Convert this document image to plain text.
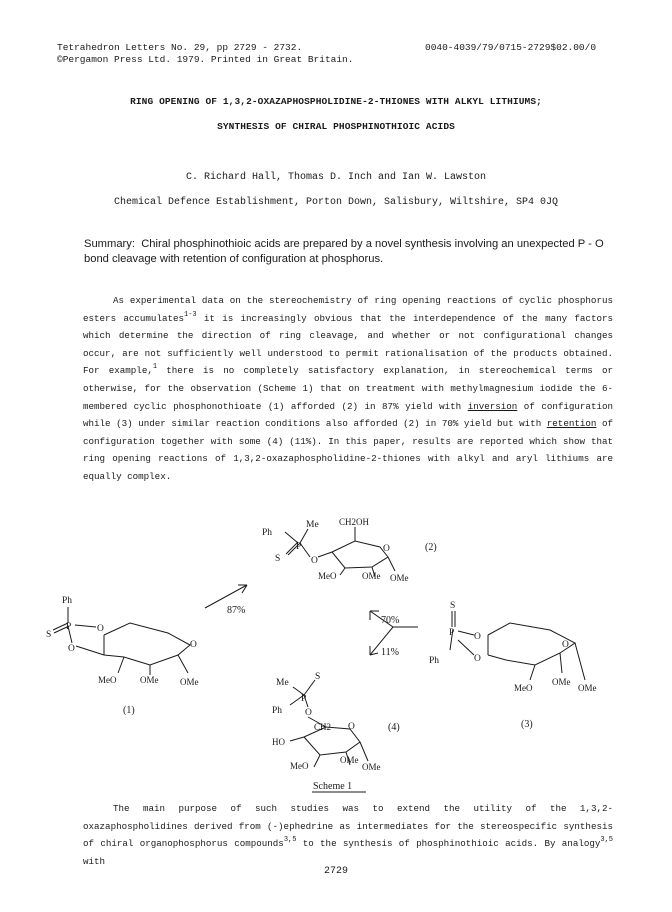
Tetrahedron Letters No. 29, pp 2729 - 2732.
©Pergamon Press Ltd. 1979. Printed in Great Britain.
0040-4039/79/0715-2729$02.00/0
RING OPENING OF 1,3,2-OXAZAPHOSPHOLIDINE-2-THIONES WITH ALKYL LITHIUMS;
SYNTHESIS OF CHIRAL PHOSPHINOTHIOIC ACIDS
C. Richard Hall, Thomas D. Inch and Ian W. Lawston
Chemical Defence Establishment, Porton Down, Salisbury, Wiltshire, SP4 0JQ
Summary: Chiral phosphinothioic acids are prepared by a novel synthesis involving an unexpected P - O bond cleavage with retention of configuration at phosphorus.

As experimental data on the stereochemistry of ring opening reactions of cyclic phosphorus esters accumulates$^{1-3}$ it is increasingly obvious that the interdependence of the many factors which determine the direction of ring cleavage, and whether or not configurational changes occur, are not sufficiently well understood to permit rationalisation of the products obtained. For example,$^1$ there is no completely satisfactory explanation, in stereochemical terms or otherwise, for the observation (Scheme 1) that on treatment with methylmagnesium iodide the 6-membered cyclic phosphonothioate (1) afforded (2) in 87% yield with inversion of configuration while (3) under similar reaction conditions also afforded (2) in 70% yield but with retention of configuration together with some (4) (11%). In this paper, results are reported which show that ring opening reactions of 1,3,2-oxazaphospholidine-2-thiones with alkyl and aryl lithiums are equally complex.

Ph
Me
P
S	O
CH2OH
O
MeO	OMe OMe
(2)
Ph
S
P	O
O	O
MeO	OMe OMe
(1)
87%
70%
11%
S
P
Ph
O
O
O
MeO
OMe
OMe
(3)
Me
S
P
Ph O
CH2 O
HO
MeO
OMe
OMe
(4)
Scheme 1

The main purpose of such studies was to extend the utility of the 1,3,2-oxazaphospholidines derived from (-)ephedrine as intermediates for the stereospecific synthesis of chiral organophosphorus compounds$^{3,5}$ to the synthesis of phosphinothioic acids. By analogy$^{3,5}$ with

2729
